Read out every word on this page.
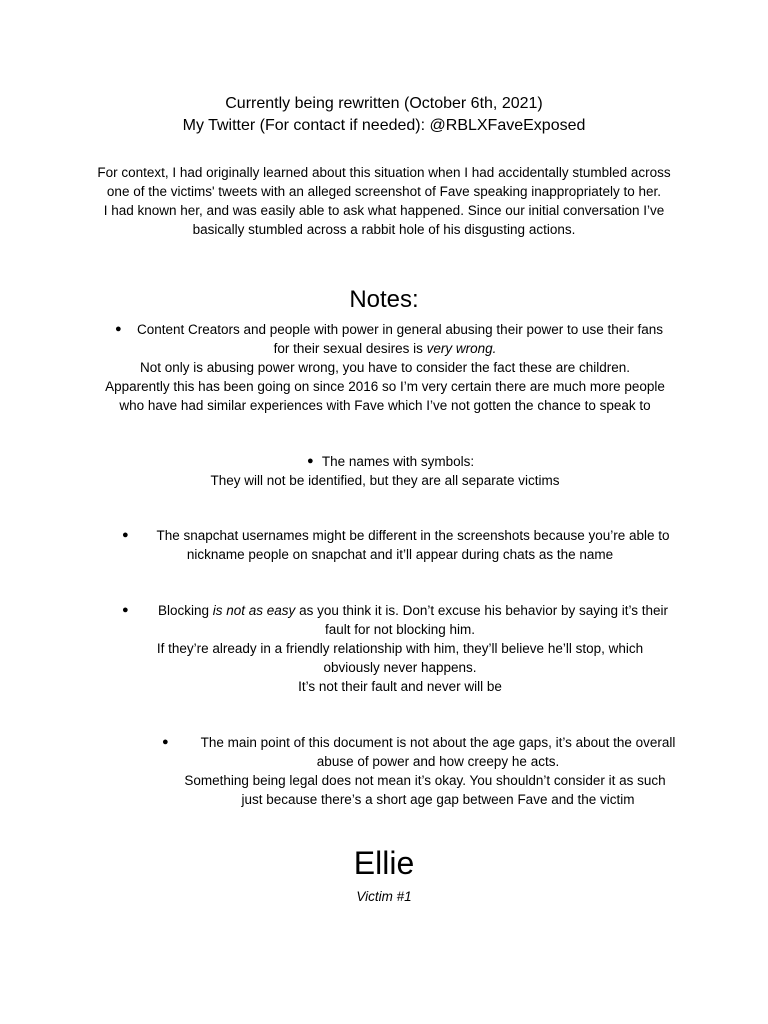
Currently being rewritten (October 6th, 2021)
My Twitter (For contact if needed): @RBLXFaveExposed
For context, I had originally learned about this situation when I had accidentally stumbled across
one of the victims' tweets with an alleged screenshot of Fave speaking inappropriately to her.
I had known her, and was easily able to ask what happened. Since our initial conversation I’ve
basically stumbled across a rabbit hole of his disgusting actions.
Notes:
●	Content Creators and people with power in general abusing their power to use their fans
for their sexual desires is very wrong.
Not only is abusing power wrong, you have to consider the fact these are children.
Apparently this has been going on since 2016 so I’m very certain there are much more people
who have had similar experiences with Fave which I’ve not gotten the chance to speak to
● The names with symbols:
They will not be identified, but they are all separate victims
●	The snapchat usernames might be different in the screenshots because you’re able to
nickname people on snapchat and it’ll appear during chats as the name
●	Blocking is not as easy as you think it is. Don’t excuse his behavior by saying it’s their
fault for not blocking him.
If they’re already in a friendly relationship with him, they’ll believe he’ll stop, which
obviously never happens.
It’s not their fault and never will be
●	The main point of this document is not about the age gaps, it’s about the overall
abuse of power and how creepy he acts.
Something being legal does not mean it’s okay. You shouldn’t consider it as such
just because there’s a short age gap between Fave and the victim
Ellie
Victim #1
